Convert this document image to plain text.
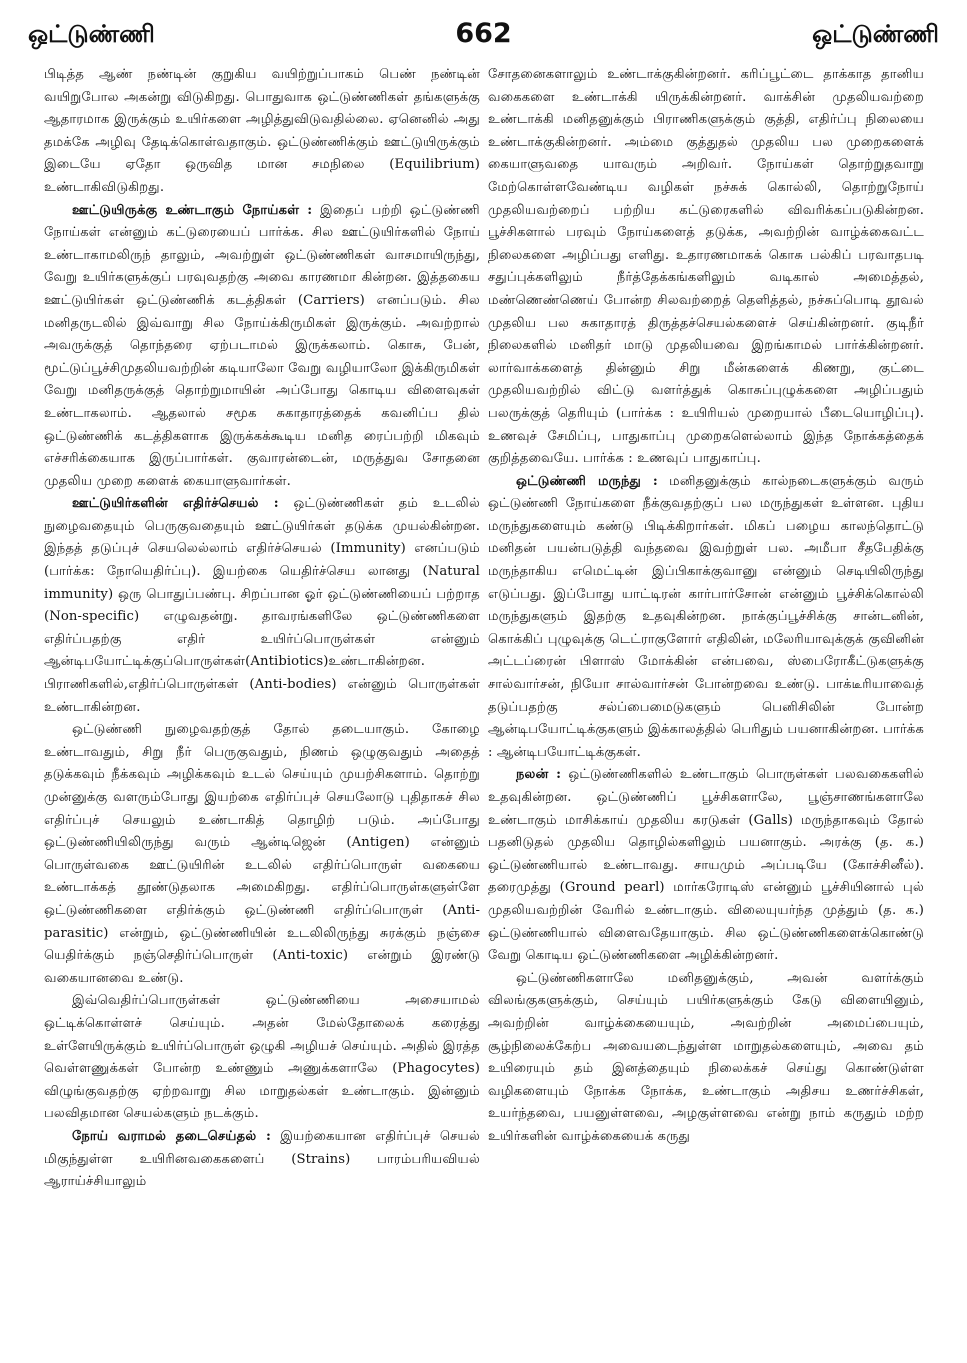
ஒட்டுண்ணி	662	ஒட்டுண்ணி

பிடித்த ஆண் நண்டின் குறுகிய வயிற்றுப்பாகம் பெண் நண்டின் வயிறுபோல அகன்று விடுகிறது. பொதுவாக ஒட்டுண்ணிகள் தங்களுக்கு ஆதாரமாக இருக்கும் உயிர்களை அழித்துவிடுவதில்லை. ஏனெனில் அது தமக்கே அழிவு தேடிக்கொள்வதாகும். ஒட்டுண்ணிக்கும் ஊட்டுயிருக்கும் இடையே ஏதோ ஒருவித மான சமநிலை (Equilibrium) உண்டாகிவிடுகிறது.

ஊட்டுயிருக்கு உண்டாகும் நோய்கள் : இதைப் பற்றி ஒட்டுண்ணி நோய்கள் என்னும் கட்டுரையைப் பார்க்க. சில ஊட்டுயிர்களில் நோய் உண்டாகாமலிருந் தாலும், அவற்றுள் ஒட்டுண்ணிகள் வாசமாயிருந்து, வேறு உயிர்களுக்குப் பரவுவதற்கு அவை காரணமா கின்றன. இத்தகைய ஊட்டுயிர்கள் ஒட்டுண்ணிக் கடத்திகள் (Carriers) எனப்படும். சில மனிதருடலில் இவ்வாறு சில நோய்க்கிருமிகள் இருக்கும். அவற்றால் அவருக்குத் தொந்தரை ஏற்படாமல் இருக்கலாம். கொசு, பேன், மூட்டுப்பூச்சிமுதலியவற்றின் கடியாலோ வேறு வழியாலோ இக்கிருமிகள் வேறு மனிதருக்குத் தொற்றுமாயின் அப்போது கொடிய விளைவுகள் உண்டாகலாம். ஆதலால் சமூக சுகாதாரத்தைக் கவனிப்ப தில் ஒட்டுண்ணிக் கடத்திகளாக இருக்கக்கூடிய மனித ரைப்பற்றி மிகவும் எச்சரிக்கையாக இருப்பார்கள். குவாரன்டைன், மருத்துவ சோதனை முதலிய முறை களைக் கையாளுவார்கள்.

ஊட்டுயிர்களின் எதிர்ச்செயல் : ஒட்டுண்ணிகள் தம் உடலில் நுழைவதையும் பெருகுவதையும் ஊட்டுயிர்கள் தடுக்க முயல்கின்றன. இந்தத் தடுப்புச் செயலெல்லாம் எதிர்ச்செயல் (Immunity) எனப்படும் (பார்க்க: நோயெதிர்ப்பு). இயற்கை யெதிர்ச்செய லானது (Natural immunity) ஒரு பொதுப்பண்பு. சிறப்பான ஓர் ஒட்டுண்ணியைப் பற்றாத (Non-specific) எழுவதன்று. தாவரங்களிலே ஒட்டுண்ணிகளை எதிர்ப்பதற்கு எதிர் உயிர்ப்பொருள்கள் என்னும் ஆன்டிபயோட்டிக்குப்பொருள்கள்(Antibiotics)உண்டாகின்றன. பிராணிகளில்,எதிர்ப்பொருள்கள் (Anti-bodies) என்னும் பொருள்கள் உண்டாகின்றன.

ஒட்டுண்ணி நுழைவதற்குத் தோல் தடையாகும். கோழை உண்டாவதும், சிறு நீர் பெருகுவதும், நிணம் ஒழுகுவதும் அதைத் தடுக்கவும் நீக்கவும் அழிக்கவும் உடல் செய்யும் முயற்சிகளாம். தொற்று முன்னுக்கு வளரும்போது இயற்கை எதிர்ப்புச் செயலோடு புதிதாகச் சில எதிர்ப்புச் செயலும் உண்டாகித் தொழிற் படும். அப்போது ஒட்டுண்ணியிலிருந்து வரும் ஆன்டிஜென் (Antigen) என்னும் பொருள்வகை ஊட்டுயிரின் உடலில் எதிர்ப்பொருள் வகையை உண்டாக்கத் தூண்டுதலாக அமைகிறது. எதிர்ப்பொருள்களுள்ளே ஒட்டுண்ணிகளை எதிர்க்கும் ஒட்டுண்ணி எதிர்ப்பொருள் (Anti-parasitic) என்றும், ஒட்டுண்ணியின் உடலிலிருந்து சுரக்கும் நஞ்சை யெதிர்க்கும் நஞ்செதிர்ப்பொருள் (Anti-toxic) என்றும் இரண்டு வகையானவை உண்டு.

இவ்வெதிர்ப்பொருள்கள் ஒட்டுண்ணியை அசையாமல் ஒட்டிக்கொள்ளச் செய்யும். அதன் மேல்தோலைக் கரைத்து உள்ளேயிருக்கும் உயிர்ப்பொருள் ஒழுகி அழியச் செய்யும். அதில் இரத்த வெள்ளணுக்கள் போன்ற உண்ணும் அணுக்களாலே (Phagocytes) விழுங்குவதற்கு ஏற்றவாறு சில மாறுதல்கள் உண்டாகும். இன்னும் பலவிதமான செயல்களும் நடக்கும்.

நோய் வராமல் தடைசெய்தல் : இயற்கையான எதிர்ப்புச் செயல் மிகுந்துள்ள உயிரினவகைகளைப் (Strains) பாரம்பரியவியல் ஆராய்ச்சியாலும்

சோதனைகளாலும் உண்டாக்குகின்றனர். கரிப்பூட்டை தாக்காத தானிய வகைகளை உண்டாக்கி யிருக்கின்றனர். வாக்சின் முதலியவற்றை உண்டாக்கி மனிதனுக்கும் பிராணிகளுக்கும் குத்தி, எதிர்ப்பு நிலையை உண்டாக்குகின்றனர். அம்மை குத்துதல் முதலிய பல முறைகளைக் கையாளுவதை யாவரும் அறிவர். நோய்கள் தொற்றுதவாறு மேற்கொள்ளவேண்டிய வழிகள் நச்சுக் கொல்லி, தொற்றுநோய் முதலியவற்றைப் பற்றிய கட்டுரைகளில் விவரிக்கப்படுகின்றன. பூச்சிகளால் பரவும் நோய்களைத் தடுக்க, அவற்றின் வாழ்க்கைவட்ட நிலைகளை அழிப்பது எளிது. உதாரணமாகக் கொசு பல்கிப் பரவாதபடி சதுப்புக்களிலும் நீர்த்தேக்கங்களிலும் வடிகால் அமைத்தல், மண்ணெண்ணெய் போன்ற சிலவற்றைத் தெளித்தல், நச்சுப்பொடி தூவல் முதலிய பல சுகாதாரத் திருத்தச்செயல்களைச் செய்கின்றனர். குடிநீர் நிலைகளில் மனிதர் மாடு முதலியவை இறங்காமல் பார்க்கின்றனர். லார்வாக்களைத் தின்னும் சிறு மீன்களைக் கிணறு, குட்டை முதலியவற்றில் விட்டு வளர்த்துக் கொசுப்புழுக்களை அழிப்பதும் பலருக்குத் தெரியும் (பார்க்க : உயிரியல் முறையால் பீடையொழிப்பு). உணவுச் சேமிப்பு, பாதுகாப்பு முறைகளெல்லாம் இந்த நோக்கத்தைக் குறித்தவையே. பார்க்க : உணவுப் பாதுகாப்பு.

ஒட்டுண்ணி மருந்து : மனிதனுக்கும் கால்நடைகளுக்கும் வரும் ஒட்டுண்ணி நோய்களை நீக்குவதற்குப் பல மருந்துகள் உள்ளன. புதிய மருந்துகளையும் கண்டு பிடிக்கிறார்கள். மிகப் பழைய காலந்தொட்டு மனிதன் பயன்படுத்தி வந்தவை இவற்றுள் பல. அமீபா சீதபேதிக்கு மருந்தாகிய எமெட்டின் இப்பிகாக்குவானு என்னும் செடியிலிருந்து எடுப்பது. இப்போது யாட்டிரன் கார்பார்சோன் என்னும் பூச்சிக்கொல்லி மருந்துகளும் இதற்கு உதவுகின்றன. நாக்குப்பூச்சிக்கு சான்டனின், கொக்கிப் புழுவுக்கு டெட்ராகுளோர் எதிலின், மலேரியாவுக்குக் குவினின் அட்டப்ரைன் பிளாஸ் மோக்கின் என்பவை, ஸ்பைரோகீட்டுகளுக்கு சால்வார்சன், நியோ சால்வார்சன் போன்றவை உண்டு. பாக்டீரியாவைத் தடுப்பதற்கு சல்ப்பைமைடுகளும் பெனிசிலின் போன்ற ஆன்டிபயோட்டிக்குகளும் இக்காலத்தில் பெரிதும் பயனாகின்றன. பார்க்க : ஆன்டிபயோட்டிக்குகள்.

நலன் : ஒட்டுண்ணிகளில் உண்டாகும் பொருள்கள் பலவகைகளில் உதவுகின்றன. ஒட்டுண்ணிப் பூச்சிகளாலே, பூஞ்சாணங்களாலே உண்டாகும் மாசிக்காய் முதலிய கரடுகள் (Galls) மருந்தாகவும் தோல் பதனிடுதல் முதலிய தொழில்களிலும் பயனாகும். அரக்கு (த. க.) ஒட்டுண்ணியால் உண்டாவது. சாயமும் அப்படியே (கோச்சினீல்). தரைமுத்து (Ground pearl) மார்கரோடிஸ் என்னும் பூச்சியினால் புல் முதலியவற்றின் வேரில் உண்டாகும். விலையுயர்ந்த முத்தும் (த. க.) ஒட்டுண்ணியால் விளைவதேயாகும். சில ஒட்டுண்ணிகளைக்கொண்டு வேறு கொடிய ஒட்டுண்ணிகளை அழிக்கின்றனர்.

ஒட்டுண்ணிகளாலே மனிதனுக்கும், அவன் வளர்க்கும் விலங்குகளுக்கும், செய்யும் பயிர்களுக்கும் கேடு விளையினும், அவற்றின் வாழ்க்கையையும், அவற்றின் அமைப்பையும், சூழ்நிலைக்கேற்ப அவையடைந்துள்ள மாறுதல்களையும், அவை தம் உயிரையும் தம் இனத்தையும் நிலைக்கச் செய்து கொண்டுள்ள வழிகளையும் நோக்க நோக்க, உண்டாகும் அதிசய உணர்ச்சிகள், உயர்ந்தவை, பயனுள்ளவை, அழகுள்ளவை என்று நாம் கருதும் மற்ற உயிர்களின் வாழ்க்கையைக் கருது
